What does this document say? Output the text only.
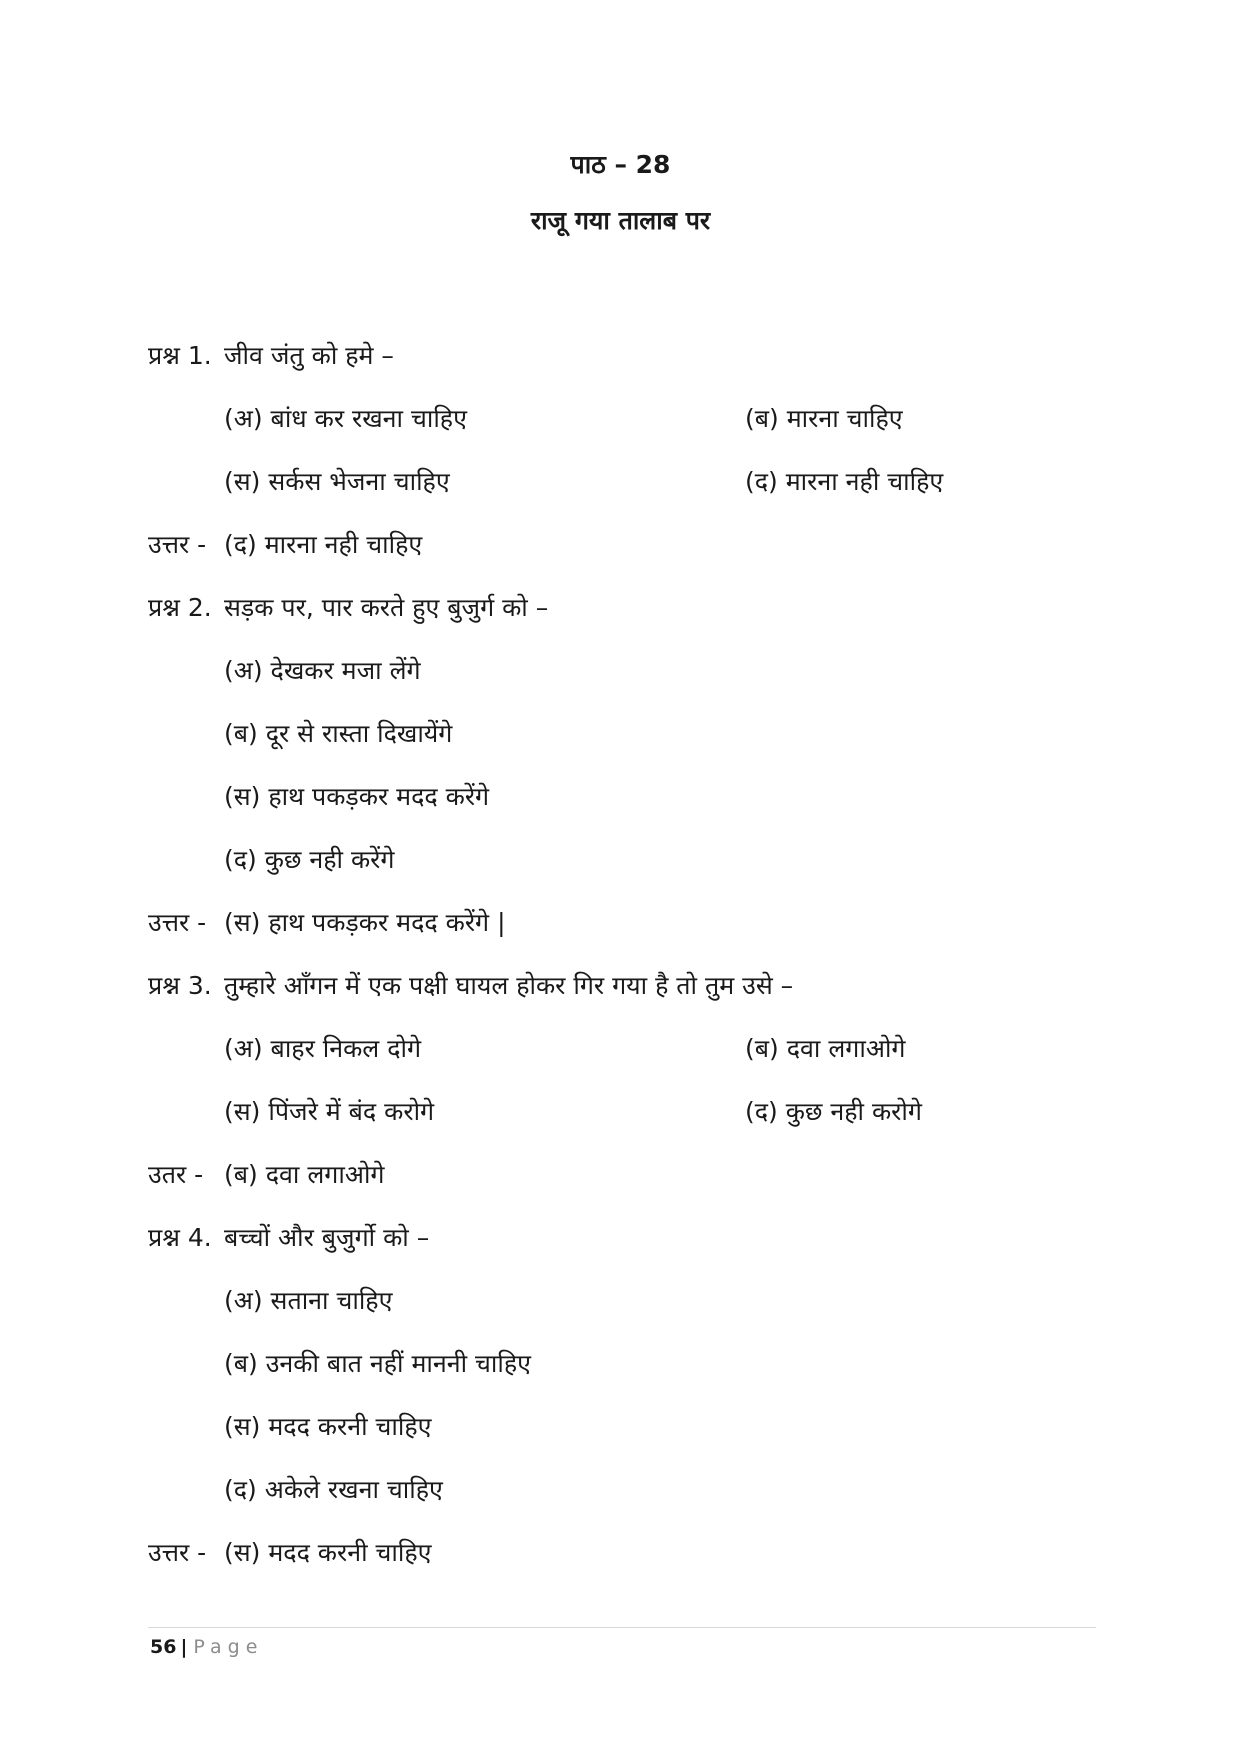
पाठ – 28
राजू गया तालाब पर
प्रश्न 1. जीव जंतु को हमे –
(अ) बांध कर रखना चाहिए	(ब) मारना चाहिए
(स) सर्कस भेजना चाहिए	(द) मारना नही चाहिए
उत्तर - (द) मारना नही चाहिए
प्रश्न 2. सड़क पर, पार करते हुए बुजुर्ग को –
(अ) देखकर मजा लेंगे
(ब) दूर से रास्ता दिखायेंगे
(स) हाथ पकड़कर मदद करेंगे
(द) कुछ नही करेंगे
उत्तर - (स) हाथ पकड़कर मदद करेंगे |
प्रश्न 3. तुम्हारे आँगन में एक पक्षी घायल होकर गिर गया है तो तुम उसे –
(अ) बाहर निकल दोगे	(ब) दवा लगाओगे
(स) पिंजरे में बंद करोगे	(द) कुछ नही करोगे
उतर - (ब) दवा लगाओगे
प्रश्न 4. बच्चों और बुजुर्गो को –
(अ) सताना चाहिए
(ब) उनकी बात नहीं माननी चाहिए
(स) मदद करनी चाहिए
(द) अकेले रखना चाहिए
उत्तर - (स) मदद करनी चाहिए
56 | Page
